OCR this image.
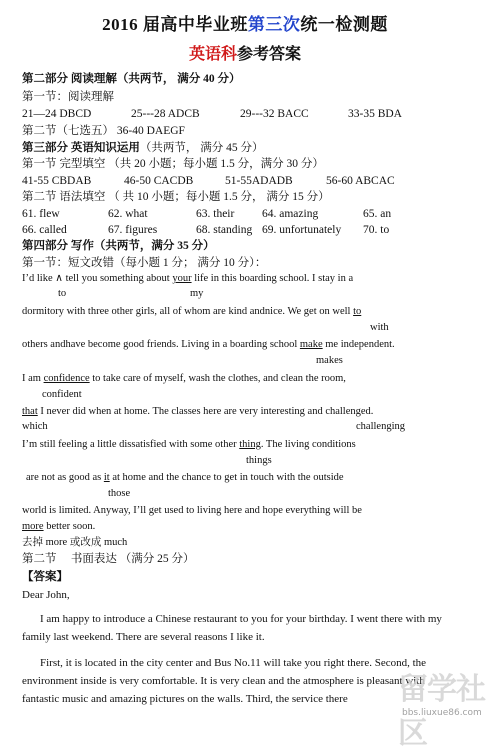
2016 届高中毕业班第三次统一检测题
英语科参考答案
第二部分 阅读理解（共两节， 满分 40 分）
第一节：阅读理解
21—24 DBCD	25---28 ADCB	29---32 BACC	33-35 BDA
第二节（七选五） 36-40 DAEGF
第三部分 英语知识运用（共两节， 满分 45 分）
第一节 完型填空 （共 20 小题；每小题 1.5 分，满分 30 分）
41-55 CBDAB	46-50 CACDB	51-55ADADB	56-60 ABCAC
第二节 语法填空 （ 共 10 小题；每小题 1.5 分， 满分 15 分）
61. flew	62. what	63. their 64. amazing	65. an
66. called	67. figures	68. standing 69. unfortunately 70. to
第四部分 写作（共两节，满分 35 分）
第一节：短文改错（每小题 1 分； 满分 10 分）：
I’d like ∧ tell you something about your life in this boarding school. I stay in a
to	my
dormitory with three other girls, all of whom are kind andnice. We get on well to
with
others andhave become good friends. Living in a boarding school make me independent.
makes
I am confidence to take care of myself, wash the clothes, and clean the room,
confident
that I never did when at home. The classes here are very interesting and challenged.
which	challenging
I’m still feeling a little dissatisfied with some other thing. The living conditions
things
are not as good as it at home and the chance to get in touch with the outside
those
world is limited. Anyway, I’ll get used to living here and hope everything will be
more better soon.
去掉 more 或改成 much
第二节　 书面表达 （满分 25 分）
【答案】
Dear John,
I am happy to introduce a Chinese restaurant to you for your birthday. I went there with my
family last weekend. There are several reasons I like it.
First, it is located in the city center and Bus No.11 will take you right there. Second, the
environment inside is very comfortable. It is very clean and the atmosphere is pleasant with
fantastic music and amazing pictures on the walls. Third, the service there 留学社区
bbs.liuxue86.com
